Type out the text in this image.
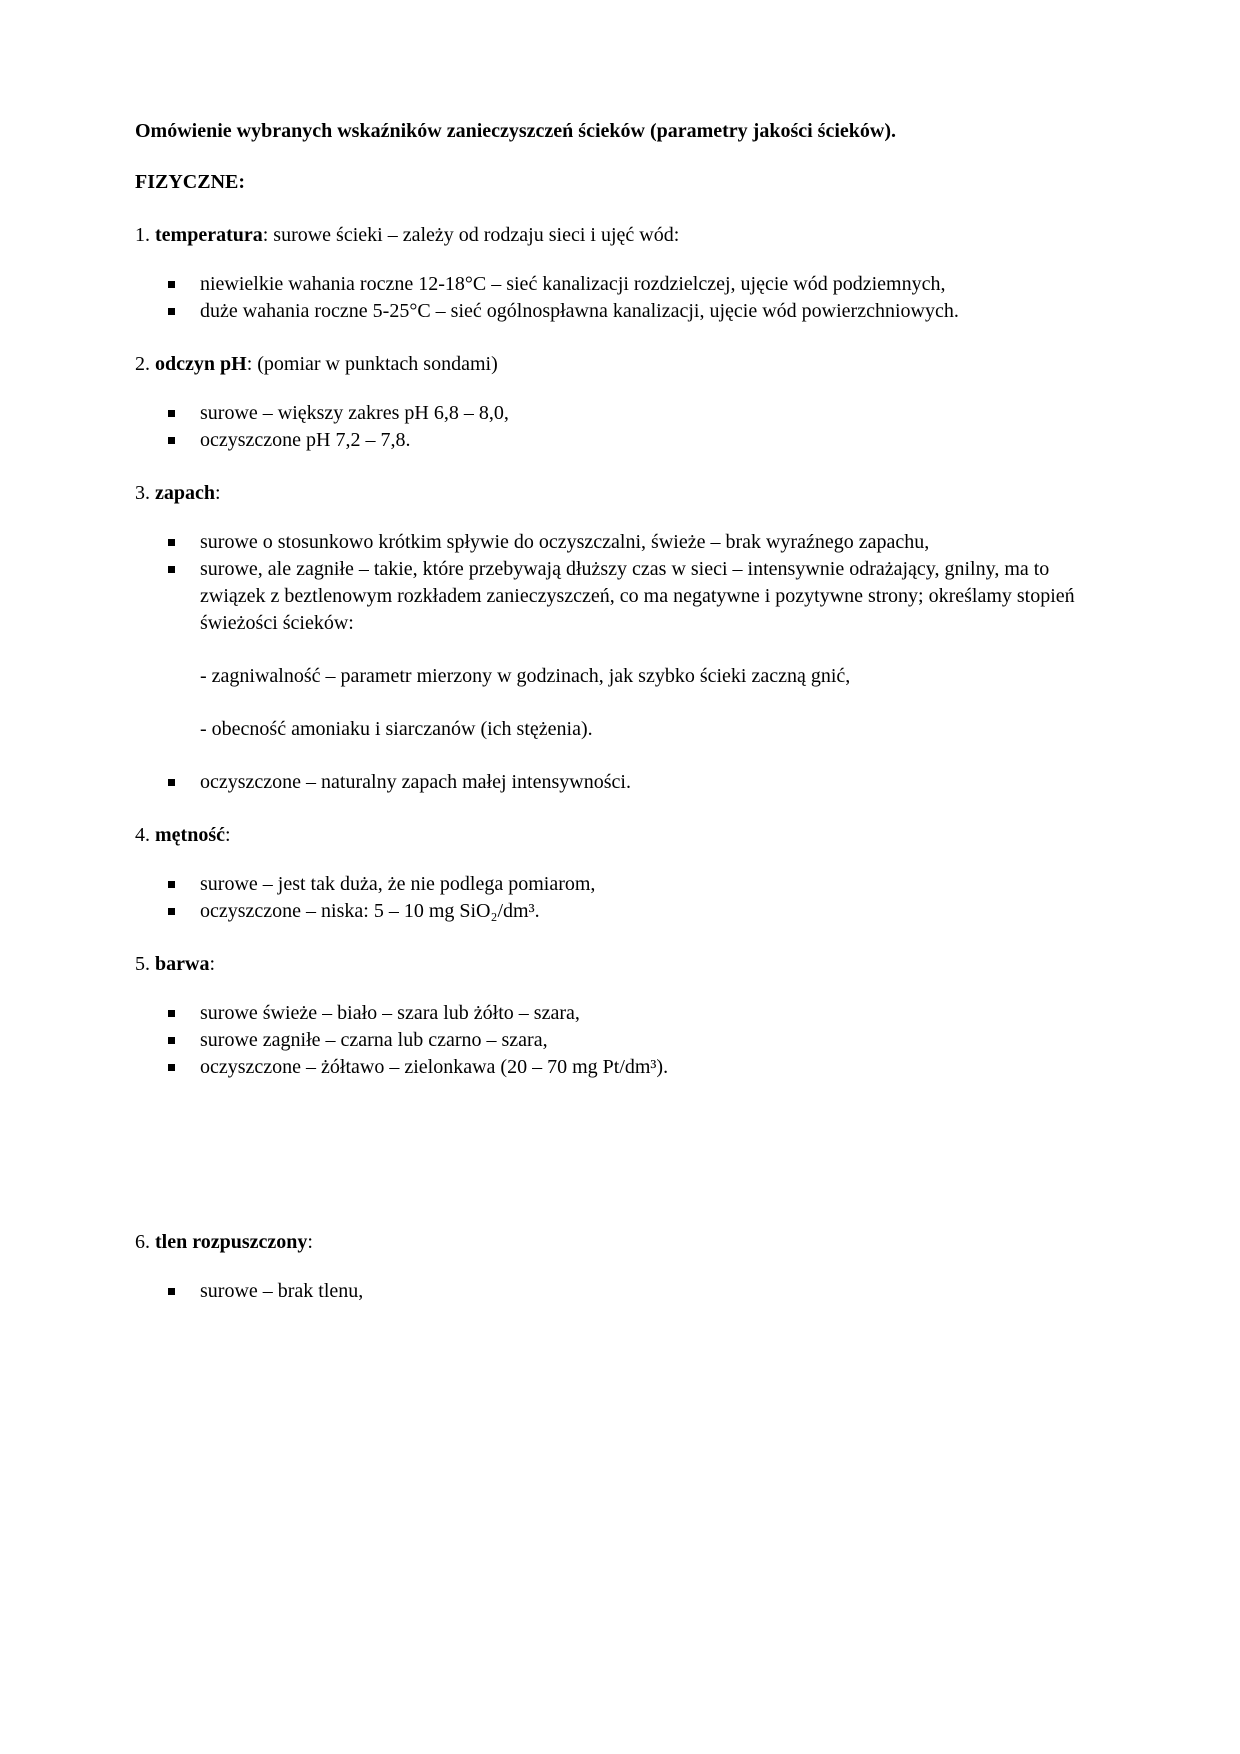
Omówienie wybranych wskaźników zanieczyszczeń ścieków (parametry jakości ścieków).

FIZYCZNE:

1. temperatura: surowe ścieki – zależy od rodzaju sieci i ujęć wód:

niewielkie wahania roczne 12-18°C – sieć kanalizacji rozdzielczej, ujęcie wód podziemnych,
duże wahania roczne 5-25°C – sieć ogólnospławna kanalizacji, ujęcie wód powierzchniowych.

2. odczyn pH: (pomiar w punktach sondami)

surowe – większy zakres pH 6,8 – 8,0,
oczyszczone pH 7,2 – 7,8.

3. zapach:

surowe o stosunkowo krótkim spływie do oczyszczalni, świeże – brak wyraźnego zapachu,
surowe, ale zagniłe – takie, które przebywają dłuższy czas w sieci – intensywnie odrażający, gnilny, ma to związek z beztlenowym rozkładem zanieczyszczeń, co ma negatywne i pozytywne strony; określamy stopień świeżości ścieków:

- zagniwalność – parametr mierzony w godzinach, jak szybko ścieki zaczną gnić,

- obecność amoniaku i siarczanów (ich stężenia).

oczyszczone – naturalny zapach małej intensywności.

4. mętność:

surowe – jest tak duża, że nie podlega pomiarom,
oczyszczone – niska: 5 – 10 mg SiO₂/dm³.

5. barwa:

surowe świeże – biało – szara lub żółto – szara,
surowe zagniłe – czarna lub czarno – szara,
oczyszczone – żółtawo – zielonkawa (20 – 70 mg Pt/dm³).

6. tlen rozpuszczony:

surowe – brak tlenu,
